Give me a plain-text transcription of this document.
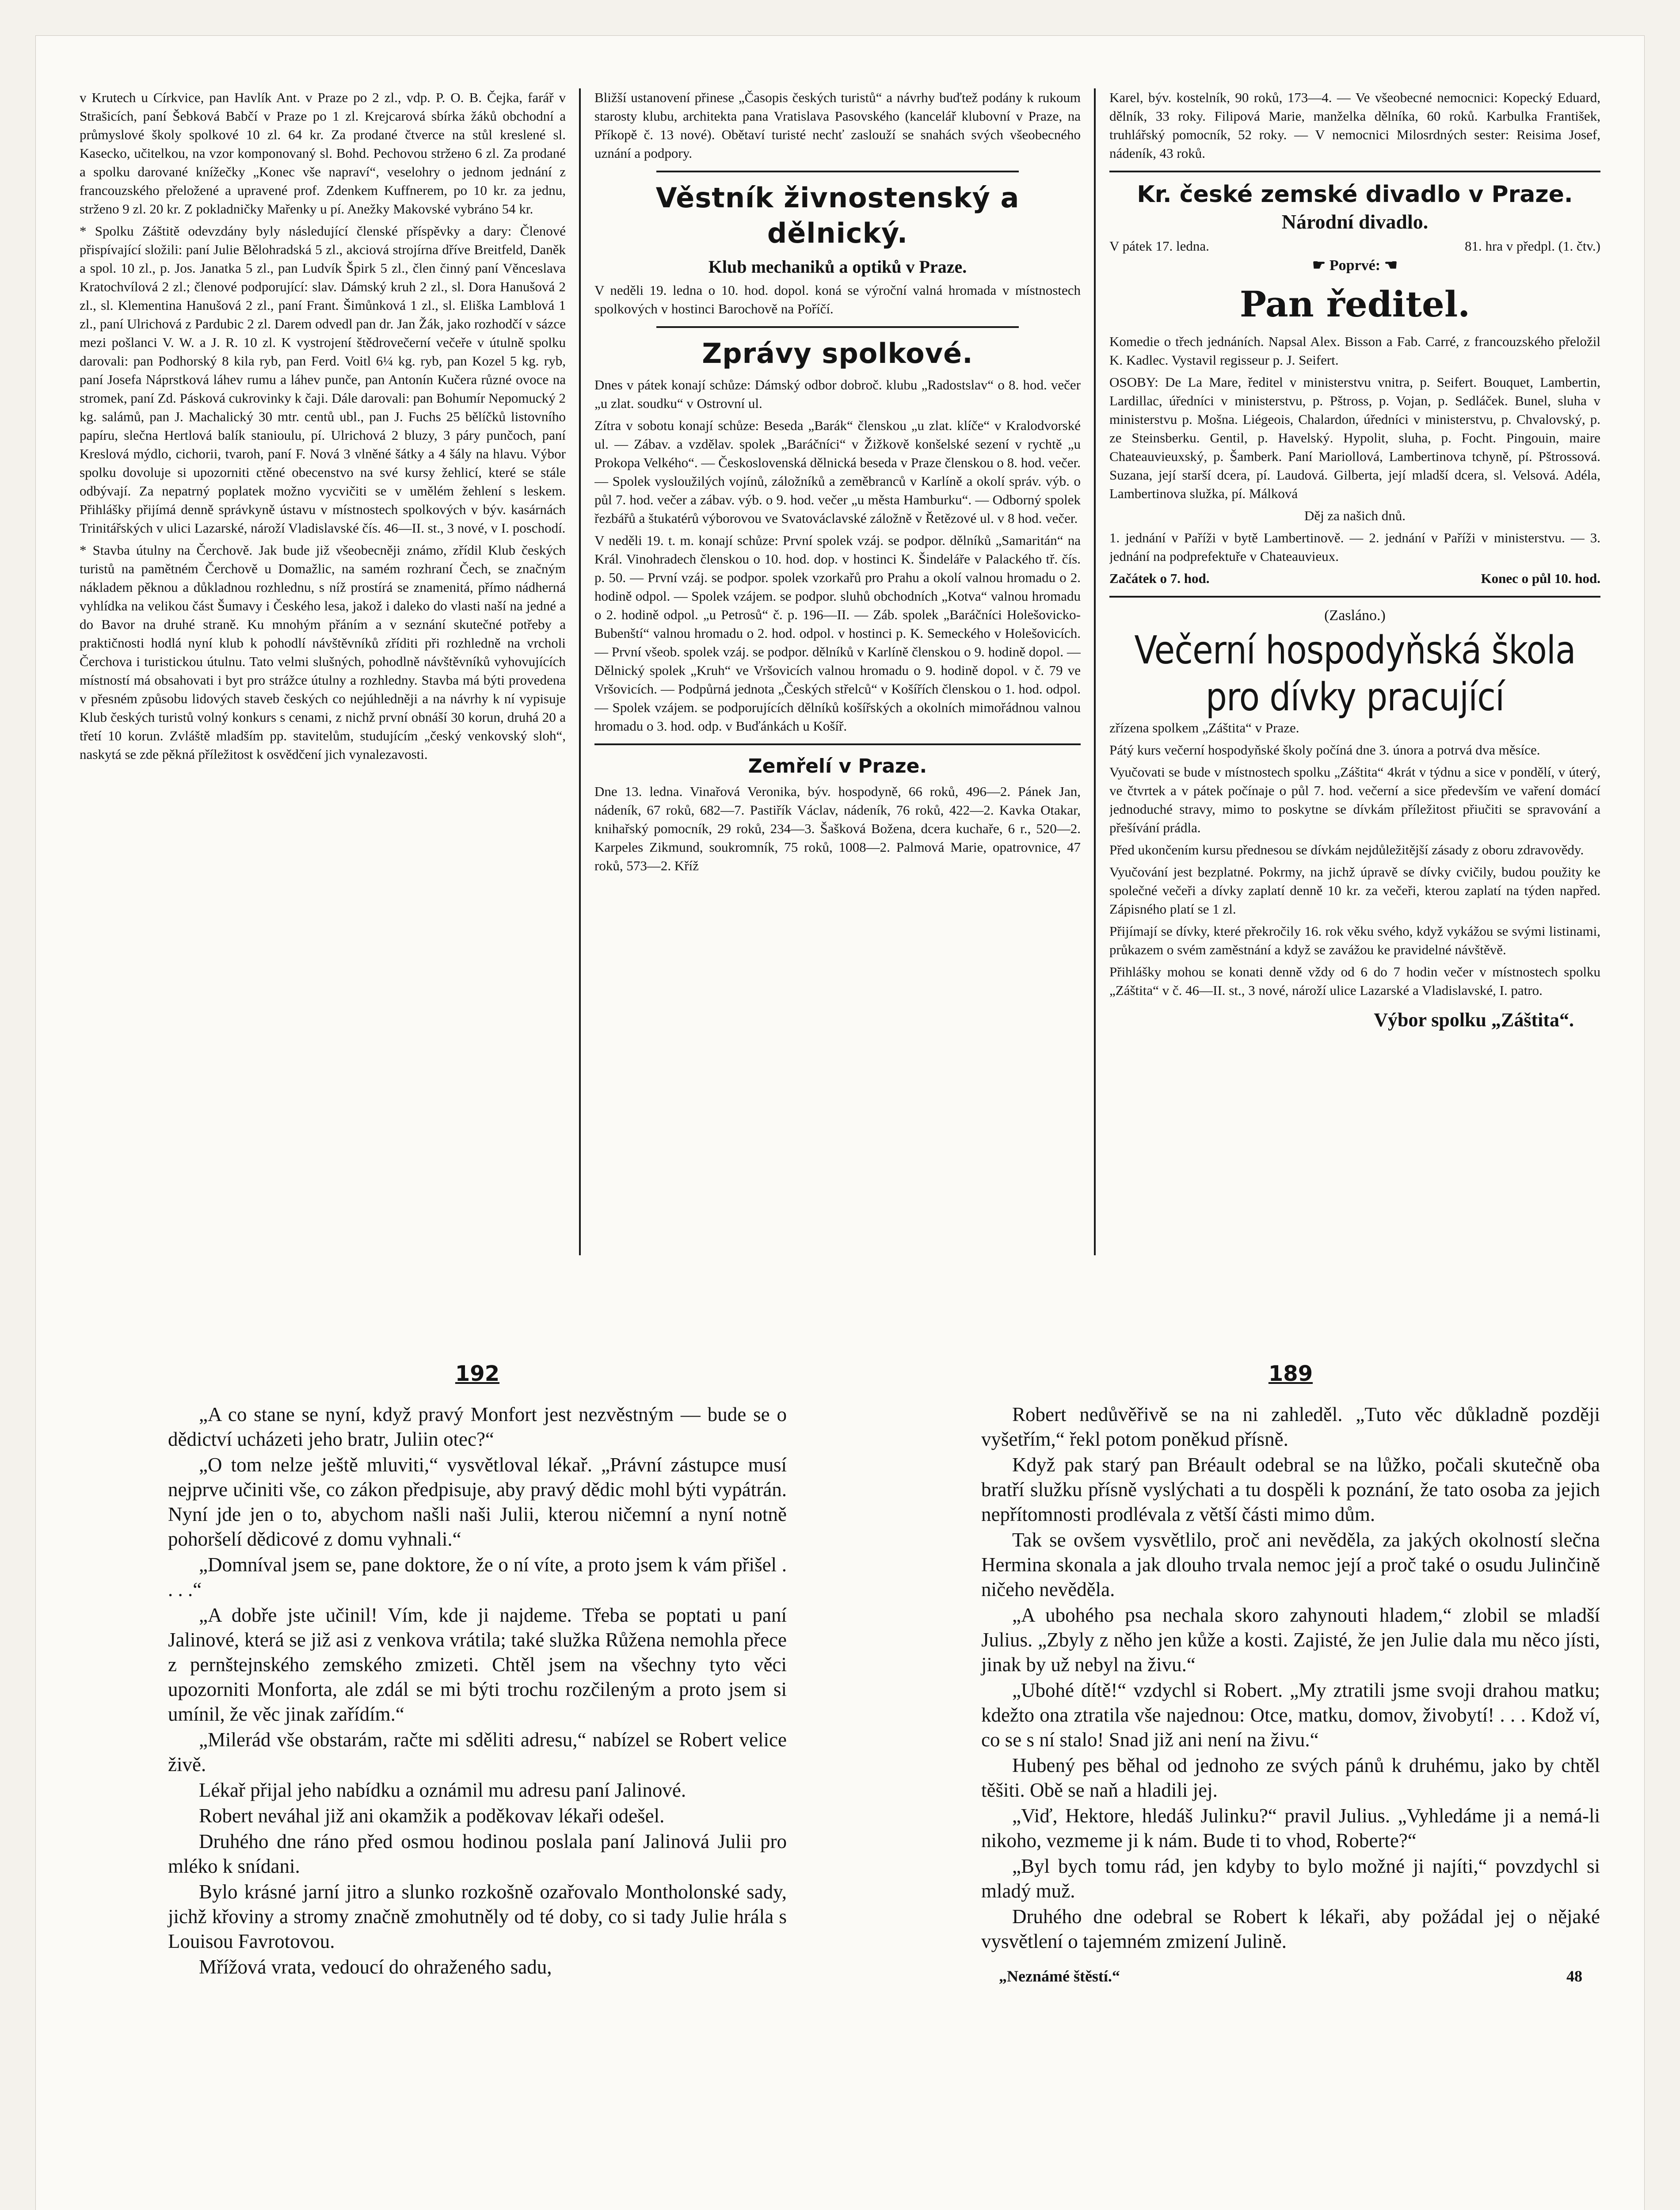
v Krutech u Církvice, pan Havlík Ant. v Praze po 2 zl., vdp. P. O. B. Čejka, farář v Strašicích, paní Šebková Babčí v Praze po 1 zl. Krejcarová sbírka žáků obchodní a průmyslové školy spolkové 10 zl. 64 kr. Za prodané čtverce na stůl kreslené sl. Kasecko, učitelkou, na vzor komponovaný sl. Bohd. Pechovou stržено 6 zl. Za prodané a spolku darované knížečky „Konec vše napraví“, veselohry o jednom jednání z francouzského přeložené a upravené prof. Zdenkem Kuffnerem, po 10 kr. za jednu, strženo 9 zl. 20 kr. Z pokladničky Mařenky u pí. Anežky Makovské vybráno 54 kr.

* Spolku Záštitě odevzdány byly následující členské příspěvky a dary: Členové přispívající složili: paní Julie Bělohradská 5 zl., akciová strojírna dříve Breitfeld, Daněk a spol. 10 zl., p. Jos. Janatka 5 zl., pan Ludvík Špirk 5 zl., člen činný paní Věnceslava Kratochvílová 2 zl.; členové podporující: slav. Dámský kruh 2 zl., sl. Dora Hanušová 2 zl., sl. Klementina Hanušová 2 zl., paní Frant. Šimůnková 1 zl., sl. Eliška Lamblová 1 zl., paní Ulrichová z Pardubic 2 zl. Darem odvedl pan dr. Jan Žák, jako rozhodčí v sázce mezi pošlanci V. W. a J. R. 10 zl. K vystrojení štědrovečerní večeře v útulně spolku darovali: pan Podhorský 8 kila ryb, pan Ferd. Voitl 6¼ kg. ryb, pan Kozel 5 kg. ryb, paní Josefa Náprstková láhev rumu a láhev punče, pan Antonín Kučera různé ovoce na stromek, paní Zd. Pásková cukrovinky k čaji. Dále darovali: pan Bohumír Nepomucký 2 kg. salámů, pan J. Machalický 30 mtr. centů ubl., pan J. Fuchs 25 bělíčků listovního papíru, slečna Hertlová balík stanioulu, pí. Ulrichová 2 bluzy, 3 páry punčoch, paní Kreslová mýdlo, cichorii, tvaroh, paní F. Nová 3 vlněné šátky a 4 šály na hlavu. Výbor spolku dovoluje si upozorniti ctěné obecenstvo na své kursy žehlicí, které se stále odbývají. Za nepatrný poplatek možno vycvičiti se v umělém žehlení s leskem. Přihlášky přijímá denně správkyně ústavu v místnostech spolkových v býv. kasárnách Trinitářských v ulici Lazarské, nároží Vladislavské čís. 46—II. st., 3 nové, v I. poschodí.

* Stavba útulny na Čerchově. Jak bude již všeobecněji známo, zřídil Klub českých turistů na pamětném Čerchově u Domažlic, na samém rozhraní Čech, se značným nákladem pěknou a důkladnou rozhlednu, s níž prostírá se znamenitá, přímo nádherná vyhlídka na velikou část Šumavy i Českého lesa, jakož i daleko do vlasti naší na jedné a do Bavor na druhé straně. Ku mnohým přáním a v seznání skutečné potřeby a praktičnosti hodlá nyní klub k pohodlí návštěvníků zříditi při rozhledně na vrcholi Čerchova i turistickou útulnu. Tato velmi slušných, pohodlně návštěvníků vyhovujících místností má obsahovati i byt pro strážce útulny a rozhledny. Stavba má býti provedena v přesném způsobu lidových staveb českých co nejúhledněji a na návrhy k ní vypisuje Klub českých turistů volný konkurs s cenami, z nichž první obnáší 30 korun, druhá 20 a třetí 10 korun. Zvláště mladším pp. stavitelům, studujícím „český venkovský sloh“, naskytá se zde pěkná příležitost k osvědčení jich vynalezavosti.

Bližší ustanovení přinese „Časopis českých turistů“ a návrhy buďtež podány k rukoum starosty klubu, architekta pana Vratislava Pasovského (kancelář klubovní v Praze, na Příkopě č. 13 nové). Obětaví turisté nechť zaslouží se snahách svých všeobecného uznání a podpory.

Věstník živnostenský a dělnický.
Klub mechaniků a optiků v Praze.

V neděli 19. ledna o 10. hod. dopol. koná se výroční valná hromada v místnostech spolkových v hostinci Barochově na Poříčí.

Zprávy spolkové.

Dnes v pátek konají schůze: Dámský odbor dobroč. klubu „Radostslav“ o 8. hod. večer „u zlat. soudku“ v Ostrovní ul.

Zítra v sobotu konají schůze: Beseda „Barák“ členskou „u zlat. klíče“ v Kralodvorské ul. — Zábav. a vzdělav. spolek „Baráčníci“ v Žižkově konšelské sezení v rychtě „u Prokopa Velkého“. — Československá dělnická beseda v Praze členskou o 8. hod. večer. — Spolek vysloužilých vojínů, záložníků a zeměbranců v Karlíně a okolí správ. výb. o půl 7. hod. večer a zábav. výb. o 9. hod. večer „u města Hamburku“. — Odborný spolek řezbářů a štukatérů výborovou ve Svatováclavské záložně v Řetězové ul. v 8 hod. večer.

V neděli 19. t. m. konají schůze: První spolek vzáj. se podpor. dělníků „Samaritán“ na Král. Vinohradech členskou o 10. hod. dop. v hostinci K. Šindeláře v Palackého tř. čís. p. 50. — První vzáj. se podpor. spolek vzorkařů pro Prahu a okolí valnou hromadu o 2. hodině odpol. — Spolek vzájem. se podpor. sluhů obchodních „Kotva“ valnou hromadu o 2. hodině odpol. „u Petrosů“ č. p. 196—II. — Záb. spolek „Baráčníci Holešovicko-Bubenští“ valnou hromadu o 2. hod. odpol. v hostinci p. K. Semeckého v Holešovicích. — První všeob. spolek vzáj. se podpor. dělníků v Karlíně členskou o 9. hodině dopol. — Dělnický spolek „Kruh“ ve Vršovicích valnou hromadu o 9. hodině dopol. v č. 79 ve Vršovicích. — Podpůrná jednota „Českých střelců“ v Košířích členskou o 1. hod. odpol. — Spolek vzájem. se podporujících dělníků košířských a okolních mimořádnou valnou hromadu o 3. hod. odp. v Buďánkách u Košíř.

Zemřelí v Praze.

Dne 13. ledna. Vinařová Veronika, býv. hospodyně, 66 roků, 496—2. Pánek Jan, nádeník, 67 roků, 682—7. Pastiřík Václav, nádeník, 76 roků, 422—2. Kavka Otakar, knihařský pomocník, 29 roků, 234—3. Šašková Božena, dcera kuchaře, 6 r., 520—2. Karpeles Zikmund, soukromník, 75 roků, 1008—2. Palmová Marie, opatrovnice, 47 roků, 573—2. Kříž

Karel, býv. kostelník, 90 roků, 173—4. — Ve všeobecné nemocnici: Kopecký Eduard, dělník, 33 roky. Filipová Marie, manželka dělníka, 60 roků. Karbulka František, truhlářský pomocník, 52 roky. — V nemocnici Milosrdných sester: Reisima Josef, nádeník, 43 roků.

Kr. české zemské divadlo v Praze.
Národní divadlo.
V pátek 17. ledna.	81. hra v předpl. (1. čtv.)
☛ Poprvé: ☚
Pan ředitel.

Komedie o třech jednáních. Napsal Alex. Bisson a Fab. Carré, z francouzského přeložil K. Kadlec. Vystavil regisseur p. J. Seifert.

OSOBY: De La Mare, ředitel v ministerstvu vnitra, p. Seifert. Bouquet, Lambertin, Lardillac, úředníci v ministerstvu, p. Pštross, p. Vojan, p. Sedláček. Bunel, sluha v ministerstvu p. Mošna. Liégeois, Chalardon, úředníci v ministerstvu, p. Chvalovský, p. ze Steinsberku. Gentil, p. Havelský. Hypolit, sluha, p. Focht. Pingouin, maire Chateauvieuxský, p. Šamberk. Paní Mariollová, Lambertinova tchyně, pí. Pštrossová. Suzana, její starší dcera, pí. Laudová. Gilberta, její mladší dcera, sl. Velsová. Adéla, Lambertinova služka, pí. Málková

Děj za našich dnů.

1. jednání v Paříži v bytě Lambertinově. — 2. jednání v Paříži v ministerstvu. — 3. jednání na podprefektuře v Chateauvieux.

Začátek o 7. hod.	Konec o půl 10. hod.
(Zasláno.)
Večerní hospodyňská škola pro dívky pracující

zřízena spolkem „Záštita“ v Praze.

Pátý kurs večerní hospodyňské školy počíná dne 3. února a potrvá dva měsíce.

Vyučovati se bude v místnostech spolku „Záštita“ 4krát v týdnu a sice v pondělí, v úterý, ve čtvrtek a v pátek počínaje o půl 7. hod. večerní a sice především ve vaření domácí jednoduché stravy, mimo to poskytne se dívkám příležitost přiučiti se spravování a přešívání prádla.

Před ukončením kursu přednesou se dívkám nejdůležitější zásady z oboru zdravovědy.

Vyučování jest bezplatné. Pokrmy, na jichž úpravě se dívky cvičily, budou použity ke společné večeři a dívky zaplatí denně 10 kr. za večeři, kterou zaplatí na týden napřed. Zápisného platí se 1 zl.

Přijímají se dívky, které překročily 16. rok věku svého, když vykážou se svými listinami, průkazem o svém zaměstnání a když se zavážou ke pravidelné návštěvě.

Přihlášky mohou se konati denně vždy od 6 do 7 hodin večer v místnostech spolku „Záštita“ v č. 46—II. st., 3 nové, nároží ulice Lazarské a Vladislavské, I. patro.

Výbor spolku „Záštita“.
192

„A co stane se nyní, když pravý Monfort jest nezvěstným — bude se o dědictví ucházeti jeho bratr, Juliin otec?“

„O tom nelze ještě mluviti,“ vysvětloval lékař. „Právní zástupce musí nejprve učiniti vše, co zákon předpisuje, aby pravý dědic mohl býti vypátrán. Nyní jde jen o to, abychom našli naši Julii, kterou ničemní a nyní notně pohoršelí dědicové z domu vyhnali.“

„Domníval jsem se, pane doktore, že o ní víte, a proto jsem k vám přišel . . . .“

„A dobře jste učinil! Vím, kde ji najdeme. Třeba se poptati u paní Jalinové, která se již asi z venkova vrátila; také služka Růžena nemohla přece z pernštejnského zemského zmizeti. Chtěl jsem na všechny tyto věci upozorniti Monforta, ale zdál se mi býti trochu rozčileným a proto jsem si umínil, že věc jinak zařídím.“

„Milerád vše obstarám, račte mi sděliti adresu,“ nabízel se Robert velice živě.

Lékař přijal jeho nabídku a oznámil mu adresu paní Jalinové.

Robert neváhal již ani okamžik a poděkovav lékaři odešel.

Druhého dne ráno před osmou hodinou poslala paní Jalinová Julii pro mléko k snídani.

Bylo krásné jarní jitro a slunko rozkošně ozařovalo Montholonské sady, jichž křoviny a stromy značně zmohutněly od té doby, co si tady Julie hrála s Louisou Favrotovou.

Mřížová vrata, vedoucí do ohraženého sadu,

189

Robert nedůvěřivě se na ni zahleděl. „Tuto věc důkladně později vyšetřím,“ řekl potom poněkud přísně.

Když pak starý pan Bréault odebral se na lůžko, počali skutečně oba bratří služku přísně vyslýchati a tu dospěli k poznání, že tato osoba za jejich nepřítomnosti prodlévala z větší části mimo dům.

Tak se ovšem vysvětlilo, proč ani nevěděla, za jakých okolností slečna Hermina skonala a jak dlouho trvala nemoc její a proč také o osudu Julinčině ničeho nevěděla.

„A ubohého psa nechala skoro zahynouti hladem,“ zlobil se mladší Julius. „Zbyly z něho jen kůže a kosti. Zajisté, že jen Julie dala mu něco jísti, jinak by už nebyl na živu.“

„Ubohé dítě!“ vzdychl si Robert. „My ztratili jsme svoji drahou matku; kdežto ona ztratila vše najednou: Otce, matku, domov, živobytí! . . . Kdož ví, co se s ní stalo! Snad již ani není na živu.“

Hubený pes běhal od jednoho ze svých pánů k druhému, jako by chtěl těšiti. Obě se naň a hladili jej.

„Viď, Hektore, hledáš Julinku?“ pravil Julius. „Vyhledáme ji a nemá-li nikoho, vezmeme ji k nám. Bude ti to vhod, Roberte?“

„Byl bych tomu rád, jen kdyby to bylo možné ji najíti,“ povzdychl si mladý muž.

Druhého dne odebral se Robert k lékaři, aby požádal jej o nějaké vysvětlení o tajemném zmizení Julině.

„Neznámé štěstí.“	48
